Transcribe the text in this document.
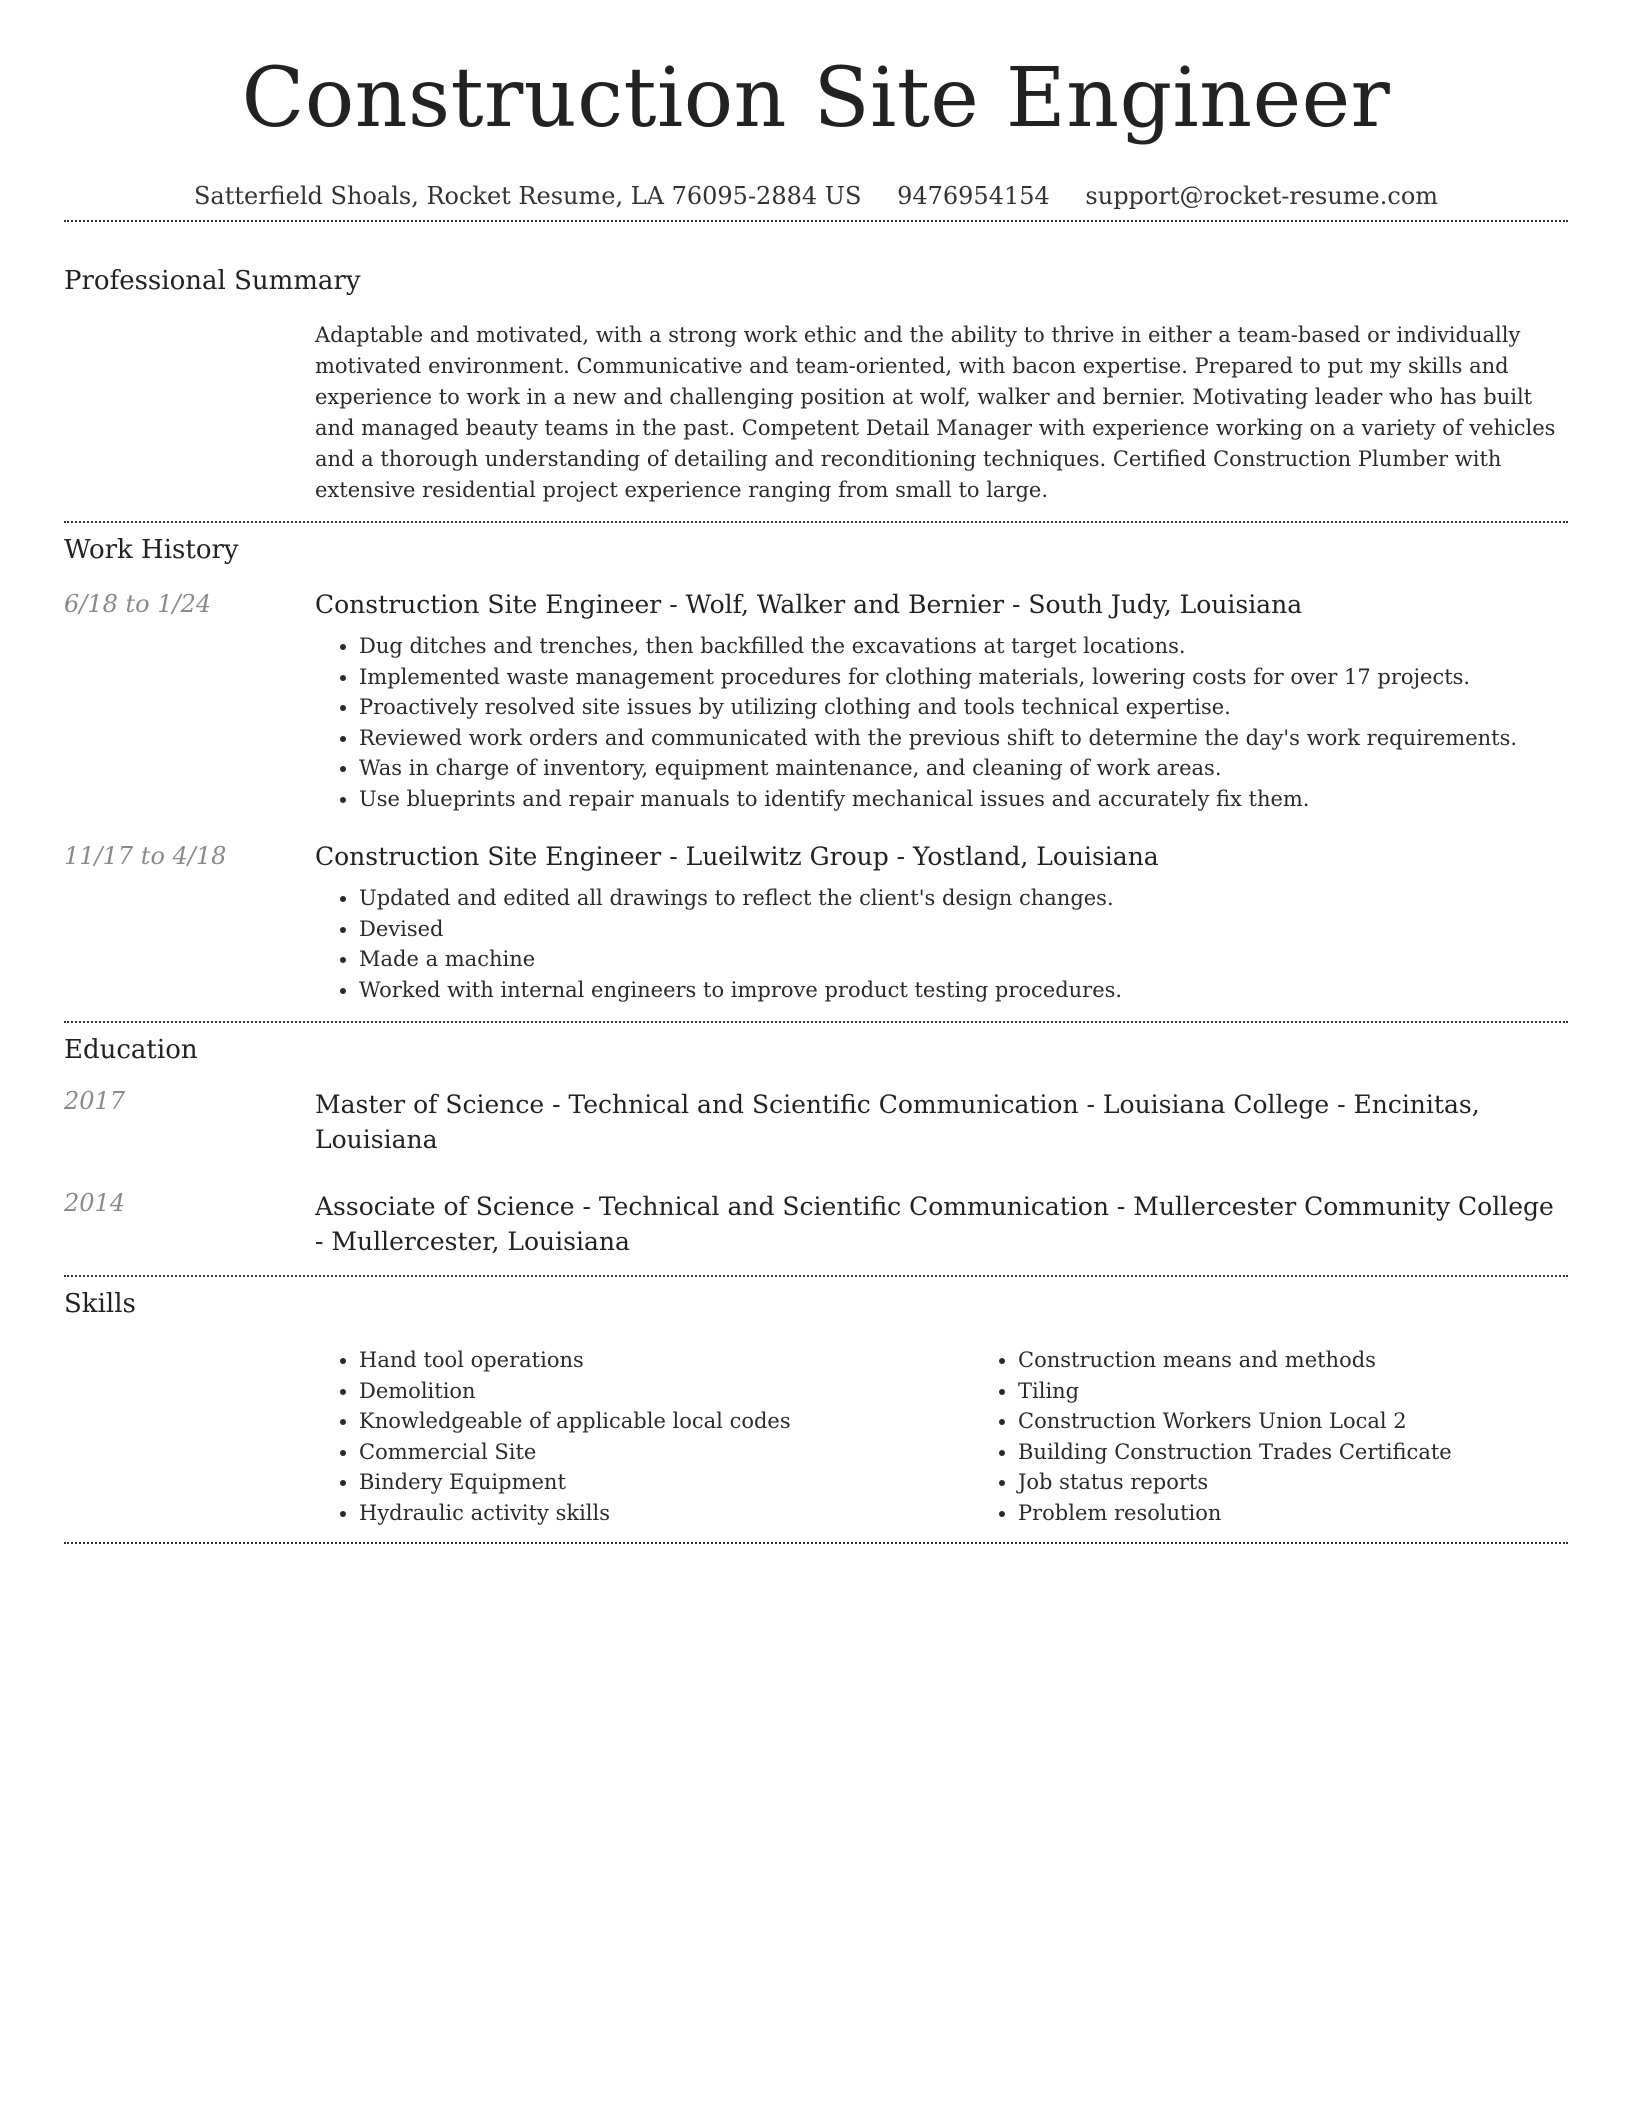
Construction Site Engineer
Satterfield Shoals, Rocket Resume, LA 76095-2884 US 9476954154 support@rocket-resume.com
Professional Summary
Adaptable and motivated, with a strong work ethic and the ability to thrive in either a team-based or individually motivated environment. Communicative and team-oriented, with bacon expertise. Prepared to put my skills and experience to work in a new and challenging position at wolf, walker and bernier. Motivating leader who has built and managed beauty teams in the past. Competent Detail Manager with experience working on a variety of vehicles and a thorough understanding of detailing and reconditioning techniques. Certified Construction Plumber with extensive residential project experience ranging from small to large.
Work History
6/18 to 1/24	Construction Site Engineer - Wolf, Walker and Bernier - South Judy, Louisiana
• Dug ditches and trenches, then backfilled the excavations at target locations.
• Implemented waste management procedures for clothing materials, lowering costs for over 17 projects.
• Proactively resolved site issues by utilizing clothing and tools technical expertise.
• Reviewed work orders and communicated with the previous shift to determine the day's work requirements.
• Was in charge of inventory, equipment maintenance, and cleaning of work areas.
• Use blueprints and repair manuals to identify mechanical issues and accurately fix them.
11/17 to 4/18	Construction Site Engineer - Lueilwitz Group - Yostland, Louisiana
• Updated and edited all drawings to reflect the client's design changes.
• Devised
• Made a machine
• Worked with internal engineers to improve product testing procedures.
Education
2017	Master of Science - Technical and Scientific Communication - Louisiana College - Encinitas, Louisiana
2014	Associate of Science - Technical and Scientific Communication - Mullercester Community College - Mullercester, Louisiana
Skills
• Hand tool operations
• Demolition
• Knowledgeable of applicable local codes
• Commercial Site
• Bindery Equipment
• Hydraulic activity skills
• Construction means and methods
• Tiling
• Construction Workers Union Local 2
• Building Construction Trades Certificate
• Job status reports
• Problem resolution
